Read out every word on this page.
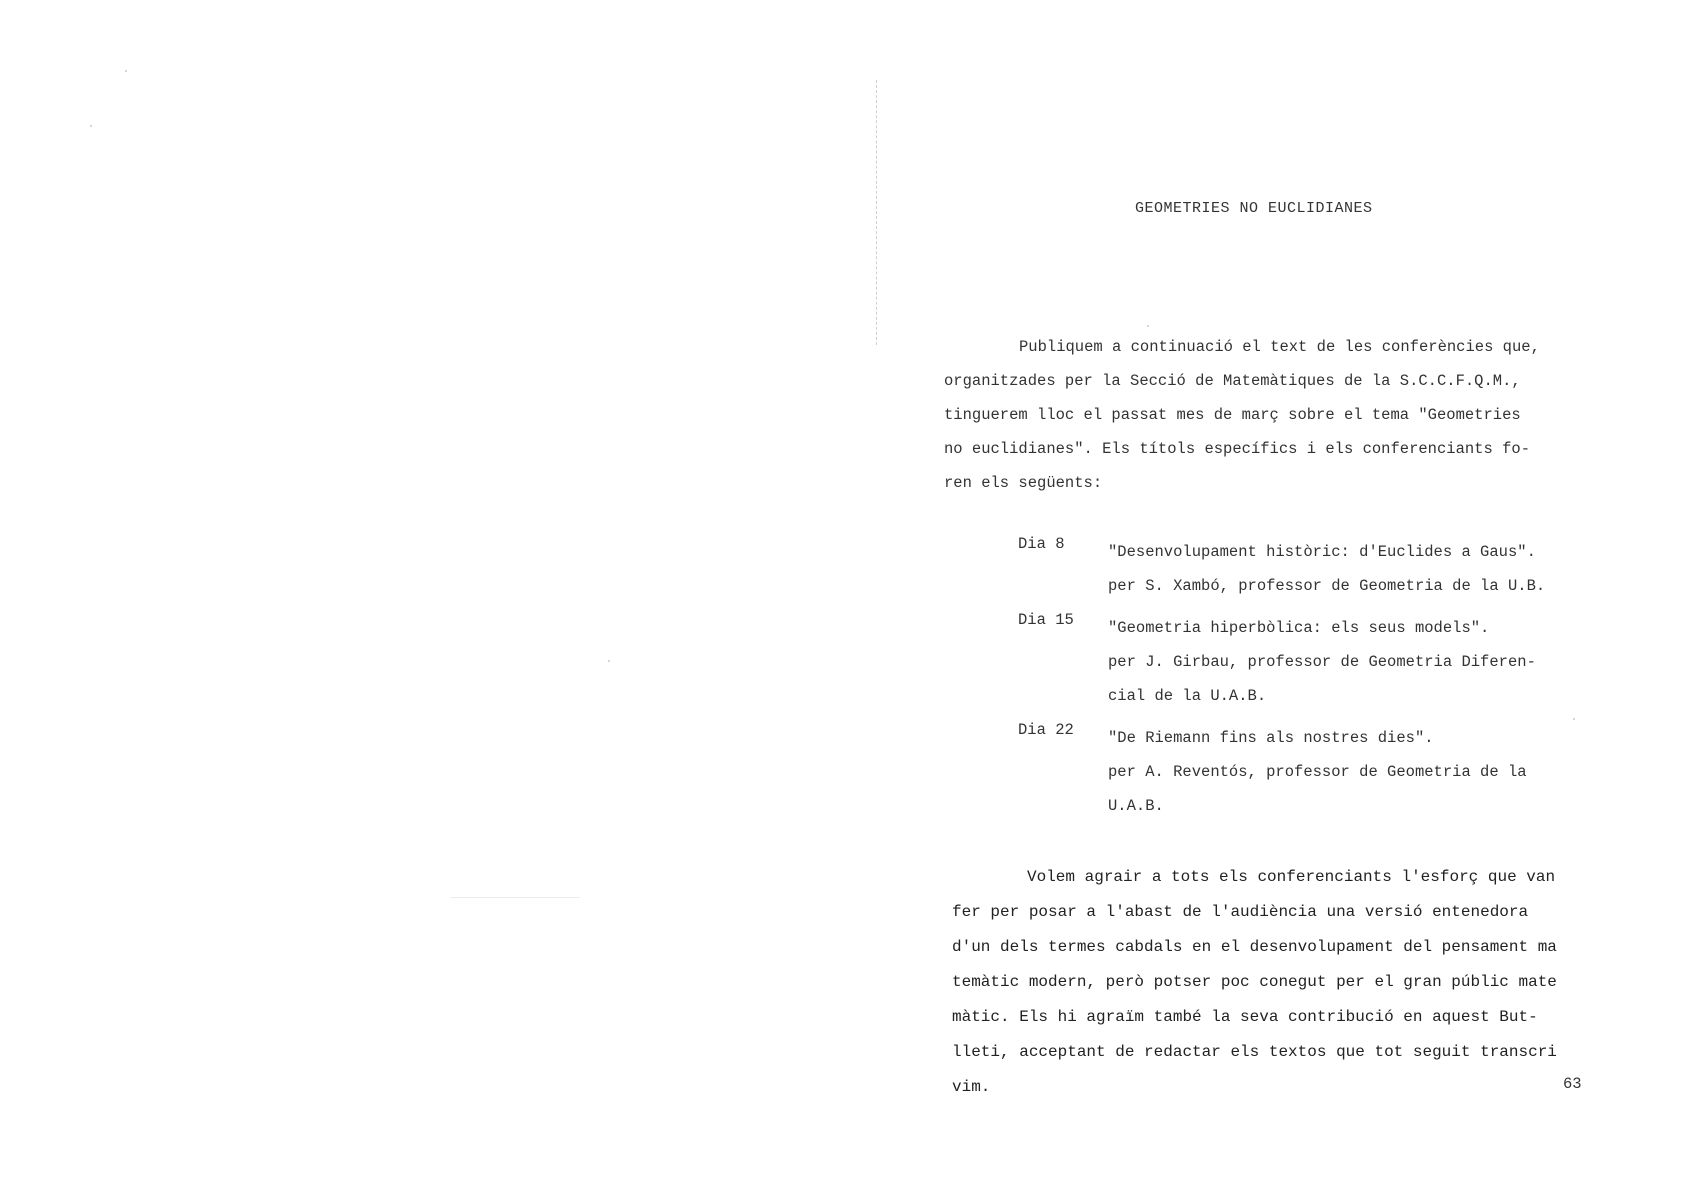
GEOMETRIES NO EUCLIDIANES
Publiquem a continuació el text de les conferències que,
organitzades per la Secció de Matemàtiques de la S.C.C.F.Q.M.,
tinguerem lloc el passat mes de març sobre el tema "Geometries
no euclidianes". Els títols específics i els conferenciants fo-
ren els següents:
Dia 8	"Desenvolupament històric: d'Euclides a Gaus".
per S. Xambó, professor de Geometria de la U.B.
Dia 15 "Geometria hiperbòlica: els seus models".
per J. Girbau, professor de Geometria Diferen-
cial de la U.A.B.
Dia 22 "De Riemann fins als nostres dies".
per A. Reventós, professor de Geometria de la
U.A.B.
Volem agrair a tots els conferenciants l'esforç que van
fer per posar a l'abast de l'audiència una versió entenedora
d'un dels termes cabdals en el desenvolupament del pensament ma
temàtic modern, però potser poc conegut per el gran públic mate
màtic. Els hi agraïm també la seva contribució en aquest But-
lleti, acceptant de redactar els textos que tot seguit transcri
vim.	63
